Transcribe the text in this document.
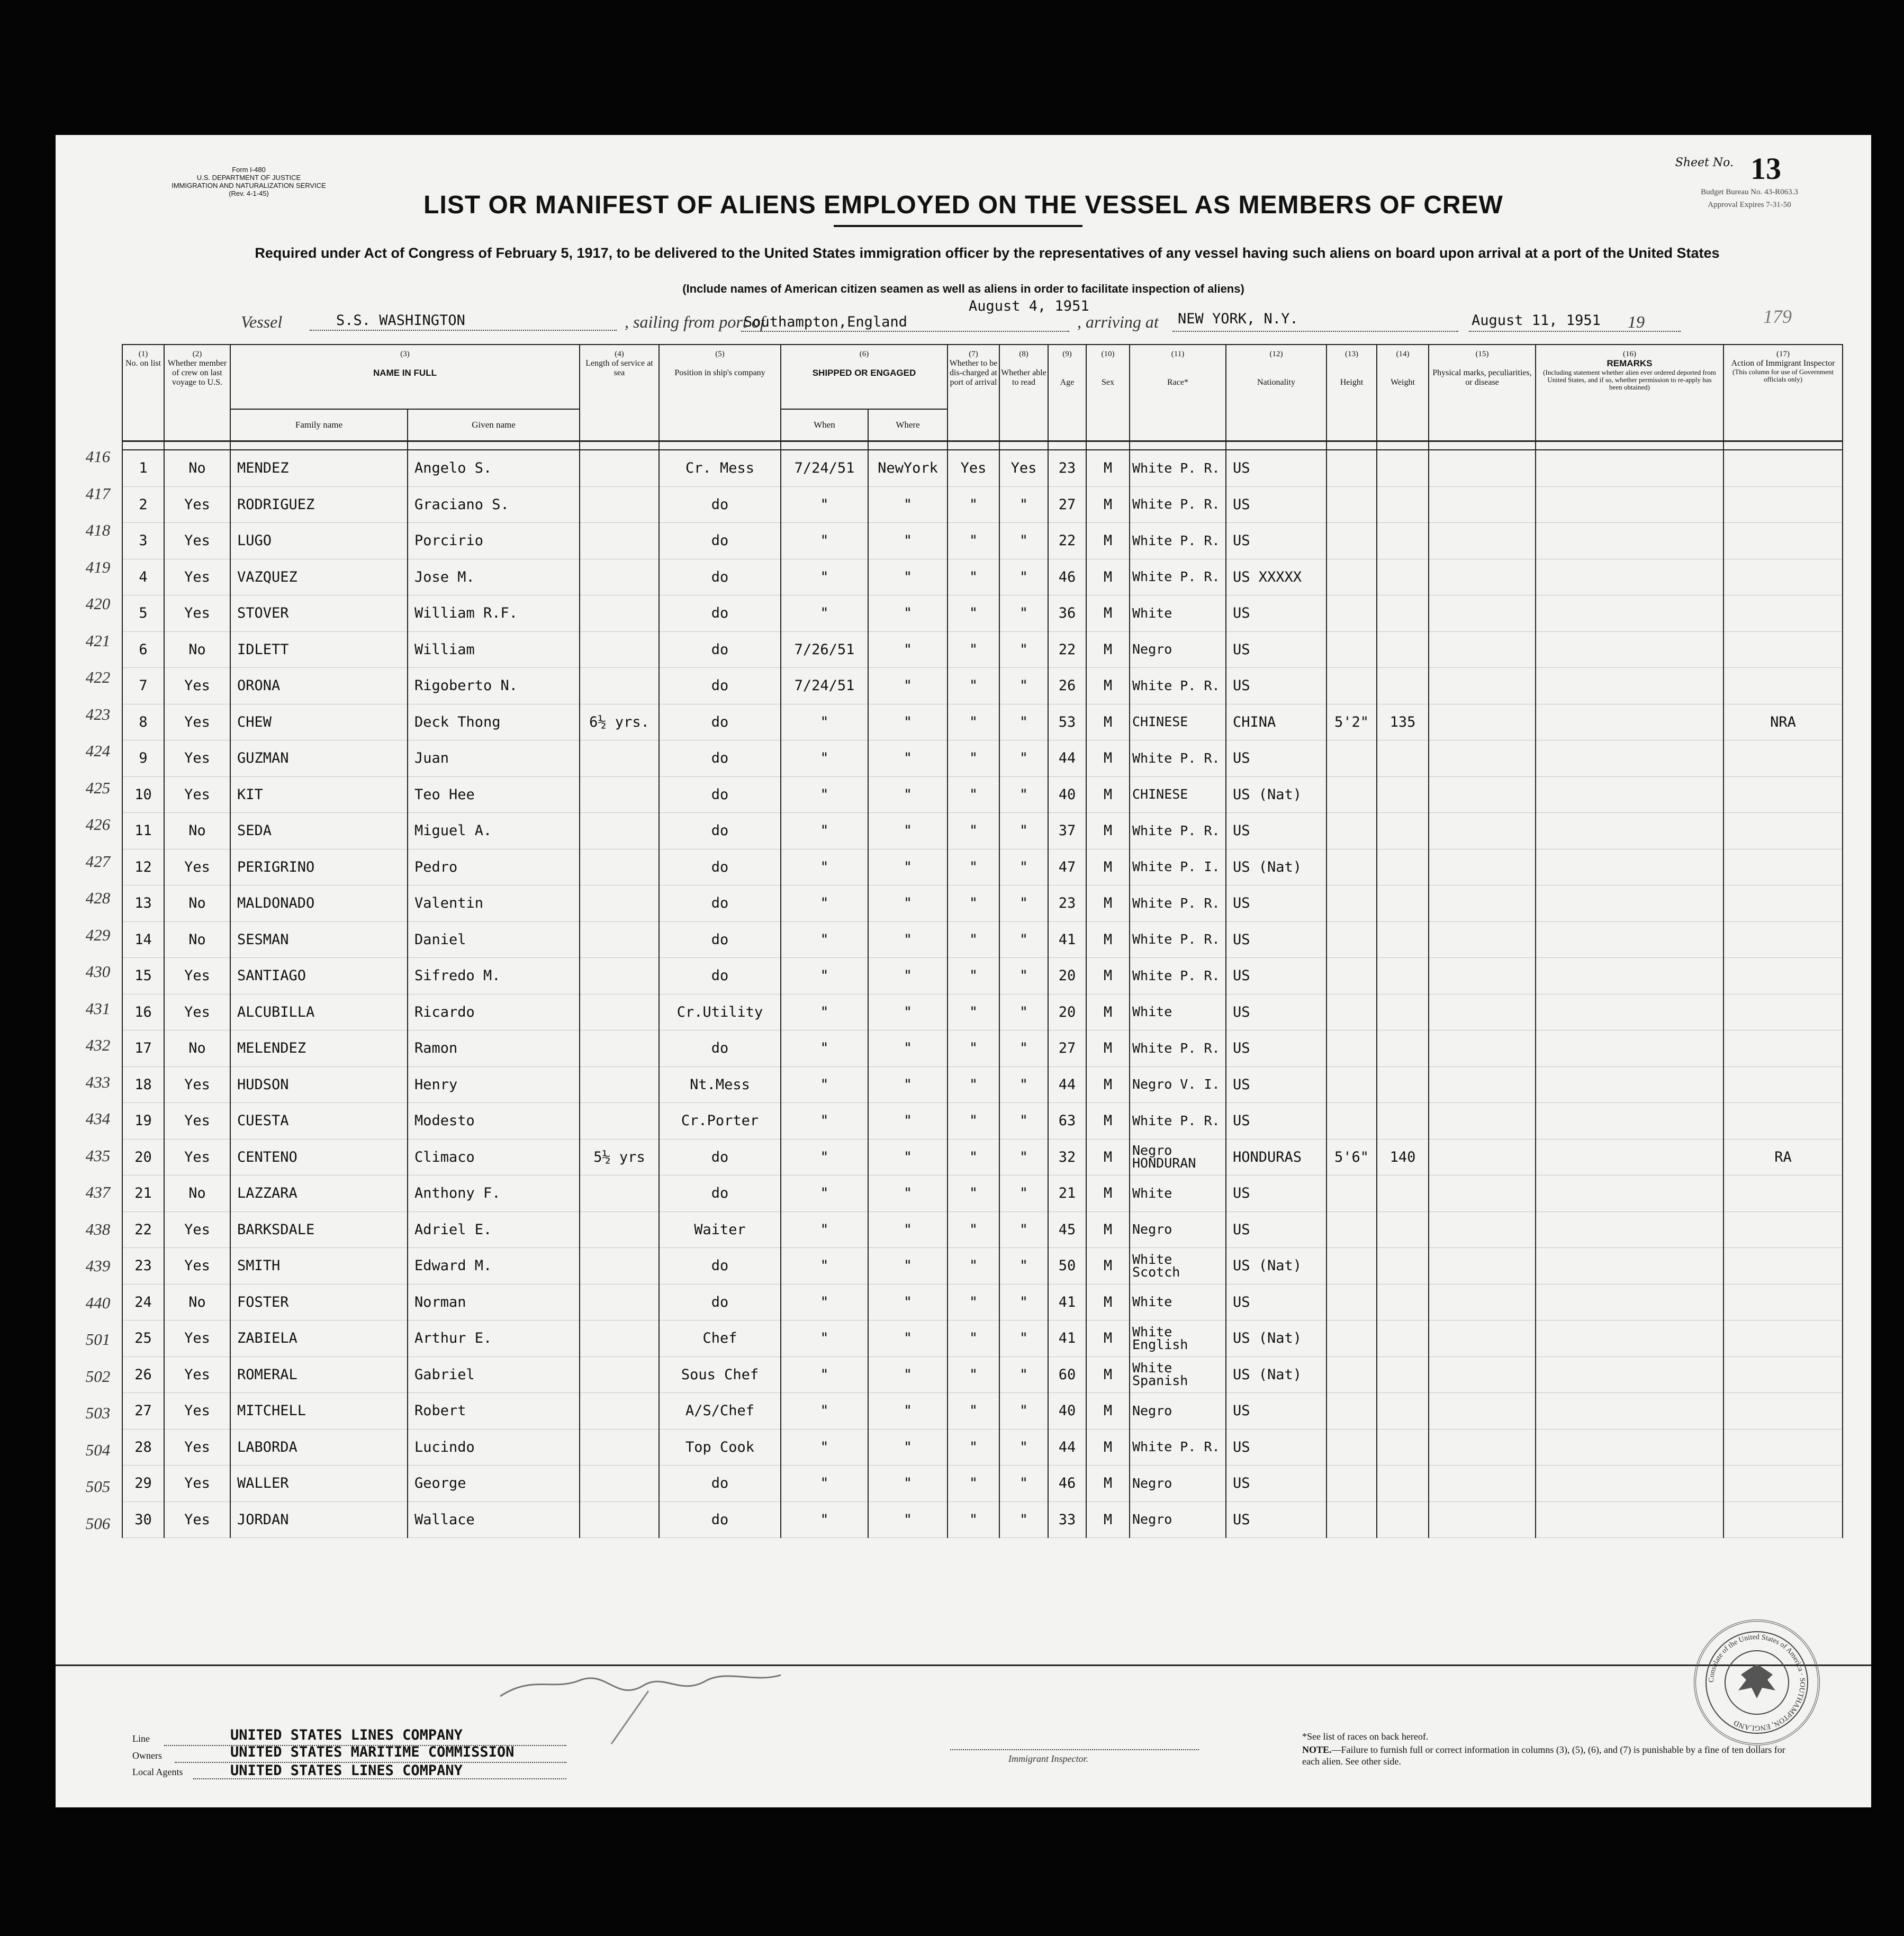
Form I-480
U.S. DEPARTMENT OF JUSTICE
IMMIGRATION AND NATURALIZATION SERVICE
(Rev. 4-1-45)
Sheet No. 13
Budget Bureau No. 43-R063.3
Approval Expires 7-31-50
179
LIST OR MANIFEST OF ALIENS EMPLOYED ON THE VESSEL AS MEMBERS OF CREW
Required under Act of Congress of February 5, 1917, to be delivered to the United States immigration officer by the representatives of any vessel having such aliens on board upon arrival at a port of the United States
(Include names of American citizen seamen as well as aliens in order to facilitate inspection of aliens)
Vessel	S.S. WASHINGTON	, sailing from port of
Southampton,England
August 4, 1951
, arriving at NEW YORK, N.Y.	August 11, 1951 19
(1)
No. on list	(2)
Whether member of crew on last voyage to U.S.	(3)

NAME IN FULL		(4)
Length of service at sea	(5)

Position in ship's company	(6)

SHIPPED OR ENGAGED		(7)
Whether to be dis-charged at port of arrival	(8)

Whether able to read	(9)

Age	(10)

Sex	(11)

Race*	(12)

Nationality	(13)

Height	(14)

Weight	(15)

Physical marks, peculiarities, or disease	(16)
REMARKS

(Including statement whether alien ever ordered deported from United States, and if so, whether permission to re-apply has been obtained)	(17)
Action of Immigrant Inspector

(This column for use of Government officials only)

		Family name	Given name			When	Where											

1	No	MENDEZ	Angelo S.		Cr. Mess	7/24/51	NewYork	Yes	Yes	23	M	White P. R.	US					
2	Yes	RODRIGUEZ	Graciano S.		do	"	"	"	"	27	M	White P. R.	US					
3	Yes	LUGO	Porcirio		do	"	"	"	"	22	M	White P. R.	US					
4	Yes	VAZQUEZ	Jose M.		do	"	"	"	"	46	M	White P. R.	US XXXXX					
5	Yes	STOVER	William R.F.		do	"	"	"	"	36	M	White	US					
6	No	IDLETT	William		do	7/26/51	"	"	"	22	M	Negro	US					
7	Yes	ORONA	Rigoberto N.		do	7/24/51	"	"	"	26	M	White P. R.	US					
8	Yes	CHEW	Deck Thong	6½ yrs.	do	"	"	"	"	53	M	CHINESE	CHINA	5'2"	135			NRA
9	Yes	GUZMAN	Juan		do	"	"	"	"	44	M	White P. R.	US					
10	Yes	KIT	Teo Hee		do	"	"	"	"	40	M	CHINESE	US (Nat)					
11	No	SEDA	Miguel A.		do	"	"	"	"	37	M	White P. R.	US					
12	Yes	PERIGRINO	Pedro		do	"	"	"	"	47	M	White P. I.	US (Nat)					
13	No	MALDONADO	Valentin		do	"	"	"	"	23	M	White P. R.	US					
14	No	SESMAN	Daniel		do	"	"	"	"	41	M	White P. R.	US					
15	Yes	SANTIAGO	Sifredo M.		do	"	"	"	"	20	M	White P. R.	US					
16	Yes	ALCUBILLA	Ricardo		Cr.Utility	"	"	"	"	20	M	White	US					
17	No	MELENDEZ	Ramon		do	"	"	"	"	27	M	White P. R.	US					
18	Yes	HUDSON	Henry		Nt.Mess	"	"	"	"	44	M	Negro V. I.	US					
19	Yes	CUESTA	Modesto		Cr.Porter	"	"	"	"	63	M	White P. R.	US					
20	Yes	CENTENO	Climaco	5½ yrs	do	"	"	"	"	32	M	Negro HONDURAN	HONDURAS	5'6"	140			RA
21	No	LAZZARA	Anthony F.		do	"	"	"	"	21	M	White	US					
22	Yes	BARKSDALE	Adriel E.		Waiter	"	"	"	"	45	M	Negro	US					
23	Yes	SMITH	Edward M.		do	"	"	"	"	50	M	White Scotch	US (Nat)					
24	No	FOSTER	Norman		do	"	"	"	"	41	M	White	US					
25	Yes	ZABIELA	Arthur E.		Chef	"	"	"	"	41	M	White English	US (Nat)					
26	Yes	ROMERAL	Gabriel		Sous Chef	"	"	"	"	60	M	White Spanish	US (Nat)					
27	Yes	MITCHELL	Robert		A/S/Chef	"	"	"	"	40	M	Negro	US					
28	Yes	LABORDA	Lucindo		Top Cook	"	"	"	"	44	M	White P. R.	US					
29	Yes	WALLER	George		do	"	"	"	"	46	M	Negro	US					
30	Yes	JORDAN	Wallace		do	"	"	"	"	33	M	Negro	US					
416
417
418
419
420
421
422
423
424
425
426
427
428
429
430
431
432
433
434
435
437
438
439
440
501
502
503
504
505
506
Line	UNITED STATES LINES COMPANY
Owners	UNITED STATES MARITIME COMMISSION
Local Agents	UNITED STATES LINES COMPANY
Immigrant Inspector.
*See list of races on back hereof.
NOTE.—Failure to furnish full or correct information in columns (3), (5), (6), and (7) is punishable by a fine of ten dollars for each alien. See other side.
Consulate of the United States of America · SOUTHAMPTON, ENGLAND
